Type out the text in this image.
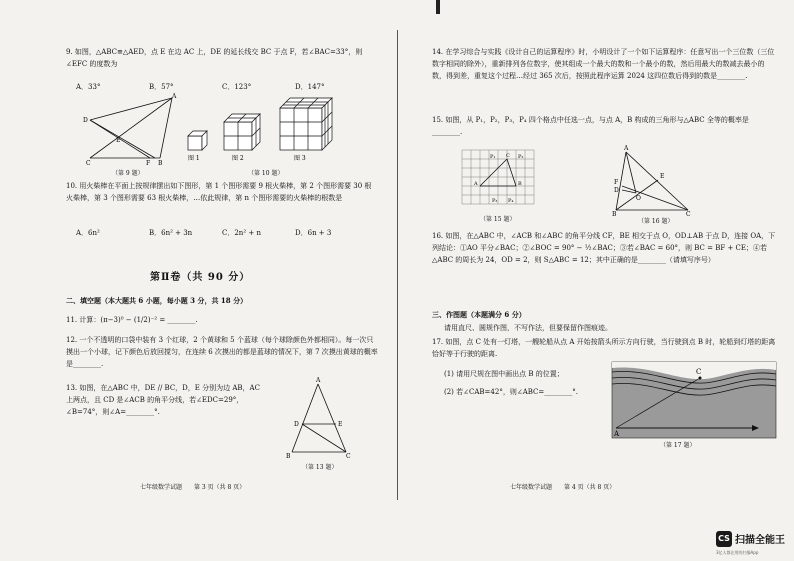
9. 如图，△ABC≌△AED，点 E 在边 AC 上，DE 的延长线交 BC 于点 F，若∠BAC=33°，则∠EFC 的度数为

A．33°	B．57°	C．123°	D．147°
A
D
E
C	F B
（第 9 题）
图 1	图 2	图 3
（第 10 题）

10. 用火柴棒在平面上按规律摆出如下图形，第 1 个图形需要 9 根火柴棒，第 2 个图形需要 30 根火柴棒，第 3 个图形需要 63 根火柴棒，…依此规律，第 n 个图形需要的火柴棒的根数是

A．6n²	B．6n² + 3n	C．2n² + n	D．6n + 3
第Ⅱ卷（共 90 分）
二、填空题（本大题共 6 小题，每小题 3 分，共 18 分）

11. 计算：(π−3)⁰ − (1/2)⁻² = ________.

12. 一个不透明的口袋中装有 3 个红球，2 个黄球和 5 个蓝球（每个球除颜色外都相同）。每一次只摸出一个小球，记下颜色后放回搅匀，在连续 6 次摸出的都是蓝球的情况下，第 7 次摸出黄球的概率是________.

13. 如图，在△ABC 中，DE // BC，D，E 分别为边 AB，AC 上两点，且 CD 是∠ACB 的角平分线，若∠EDC=29°，∠B=74°，则∠A=________°.

A
D	E
B	C
（第 13 题）
七年级数学试题　　第 3 页（共 8 页）

14. 在学习综合与实践《设计自己的运算程序》时，小明设计了一个如下运算程序：任意写出一个三位数（三位数字相同的除外），重新排列各位数字，使其组成一个最大的数和一个最小的数，然后用最大的数减去最小的数，得到差，重复这个过程…经过 365 次后，按照此程序运算 2024 这四位数后得到的数是________.

15. 如图，从 P₁，P₂，P₃，P₄ 四个格点中任选一点，与点 A，B 构成的三角形与△ABC 全等的概率是________.

P₁	P₂
P₃ P₄
A	B
C
（第 15 题）
A
F
D
E
O
B	C
（第 16 题）

16. 如图，在△ABC 中，∠ACB 和∠ABC 的角平分线 CF，BE 相交于点 O，OD⊥AB 于点 D，连接 OA，下列结论：①AO 平分∠BAC；②∠BOC = 90° − ½∠BAC；③若∠BAC = 60°，则 BC = BF + CE；④若△ABC 的周长为 24，OD = 2，则 S△ABC = 12；其中正确的是________（请填写序号）

三、作图题（本题满分 6 分）
请用直尺、圆规作图，不写作法，但要保留作图痕迹。

17. 如图，点 C 处有一灯塔，一艘轮船从点 A 开始按箭头所示方向行驶，当行驶到点 B 时，轮船到灯塔的距离恰好等于行驶的距离.

(1) 请用尺规在图中画出点 B 的位置；
(2) 若∠CAB=42°，则∠ABC=________°.
C
A
（第 17 题）
七年级数学试题　　第 4 页（共 8 页）
CS 扫描全能王
3亿人都在用的扫描App
